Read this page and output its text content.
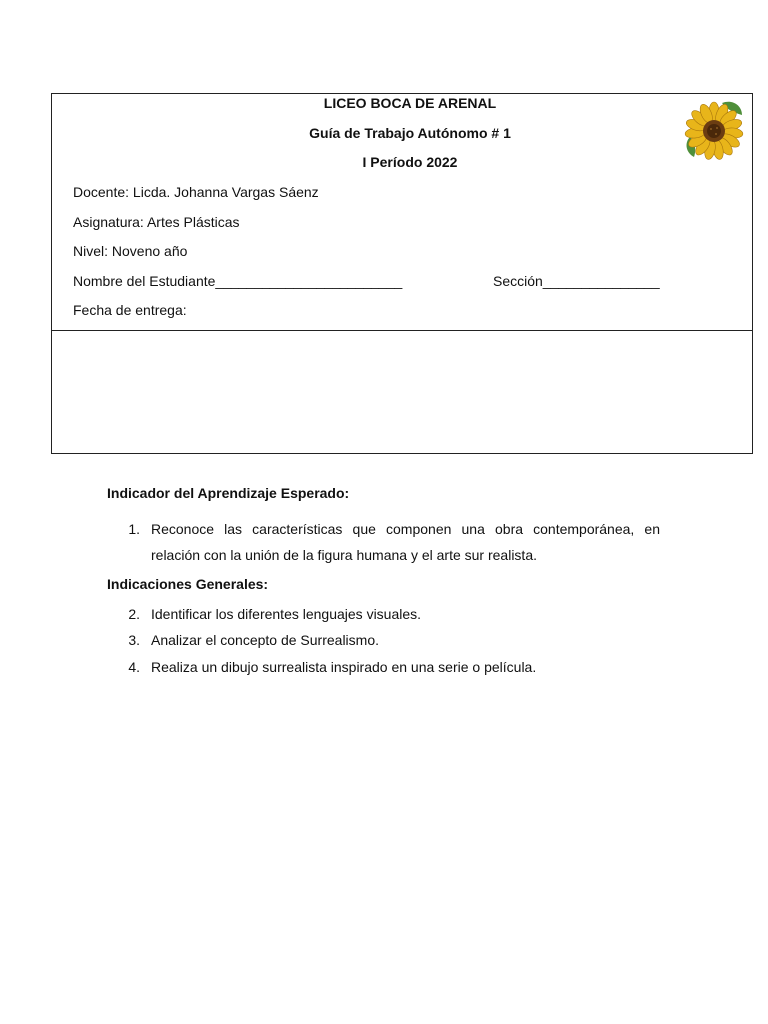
LICEO BOCA DE ARENAL
Guía de Trabajo Autónomo # 1
I Período 2022
Docente: Licda. Johanna Vargas Sáenz
Asignatura: Artes Plásticas
Nivel: Noveno año
Nombre del Estudiante________________________	Sección_______________
Fecha de entrega:
Indicador del Aprendizaje Esperado:
1. Reconoce las características que componen una obra contemporánea, en relación con la unión de la figura humana y el arte sur realista.
Indicaciones Generales:
2. Identificar los diferentes lenguajes visuales.
3. Analizar el concepto de Surrealismo.
4. Realiza un dibujo surrealista inspirado en una serie o película.
